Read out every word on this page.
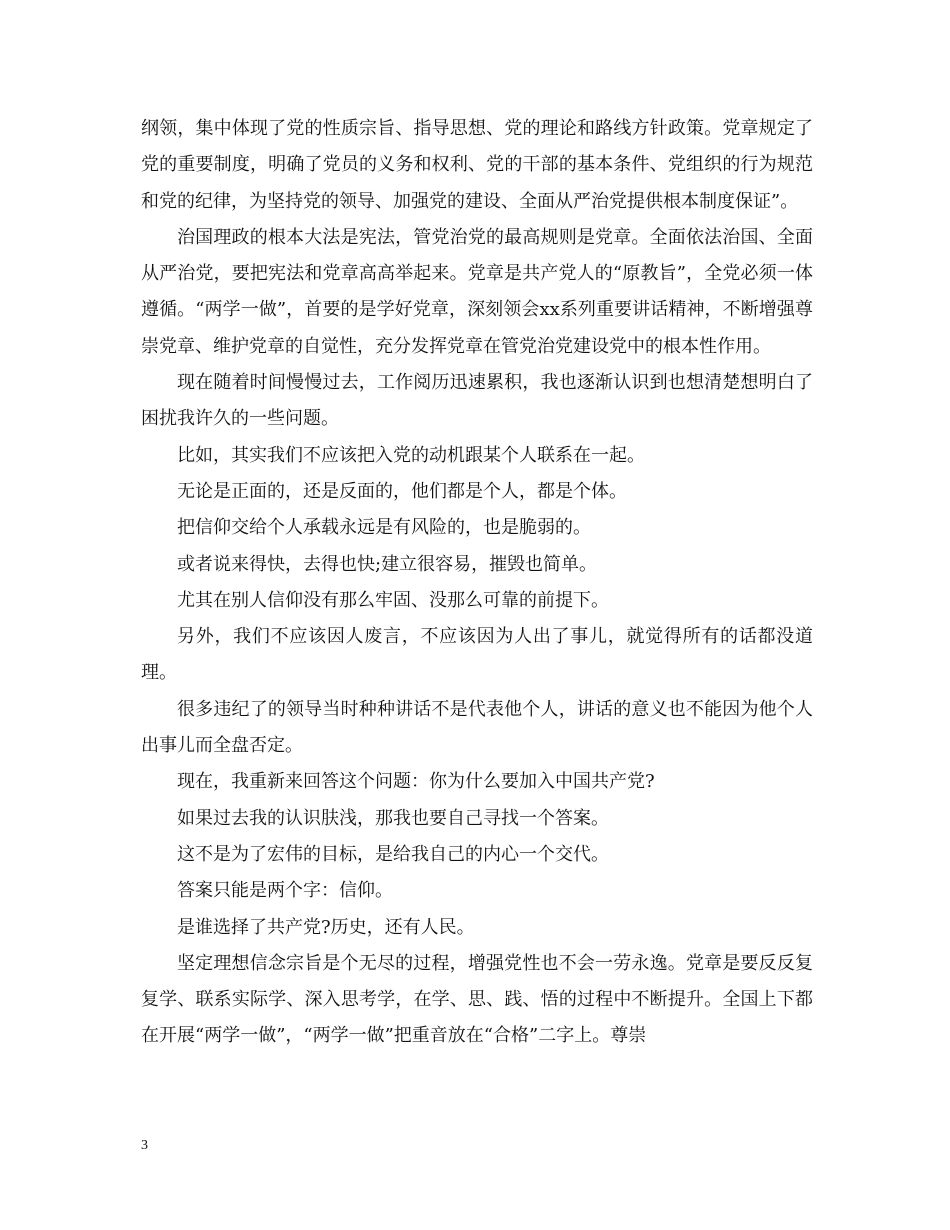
纲领，集中体现了党的性质宗旨、指导思想、党的理论和路线方针政策。党章规定了党的重要制度，明确了党员的义务和权利、党的干部的基本条件、党组织的行为规范和党的纪律，为坚持党的领导、加强党的建设、全面从严治党提供根本制度保证”。

治国理政的根本大法是宪法，管党治党的最高规则是党章。全面依法治国、全面从严治党，要把宪法和党章高高举起来。党章是共产党人的“原教旨”，全党必须一体遵循。“两学一做”，首要的是学好党章，深刻领会xx系列重要讲话精神，不断增强尊崇党章、维护党章的自觉性，充分发挥党章在管党治党建设党中的根本性作用。

现在随着时间慢慢过去，工作阅历迅速累积，我也逐渐认识到也想清楚想明白了困扰我许久的一些问题。

比如，其实我们不应该把入党的动机跟某个人联系在一起。

无论是正面的，还是反面的，他们都是个人，都是个体。

把信仰交给个人承载永远是有风险的，也是脆弱的。

或者说来得快，去得也快;建立很容易，摧毁也简单。

尤其在别人信仰没有那么牢固、没那么可靠的前提下。

另外，我们不应该因人废言，不应该因为人出了事儿，就觉得所有的话都没道理。

很多违纪了的领导当时种种讲话不是代表他个人，讲话的意义也不能因为他个人出事儿而全盘否定。

现在，我重新来回答这个问题：你为什么要加入中国共产党?

如果过去我的认识肤浅，那我也要自己寻找一个答案。

这不是为了宏伟的目标，是给我自己的内心一个交代。

答案只能是两个字：信仰。

是谁选择了共产党?历史，还有人民。

坚定理想信念宗旨是个无尽的过程，增强党性也不会一劳永逸。党章是要反反复复学、联系实际学、深入思考学，在学、思、践、悟的过程中不断提升。全国上下都在开展“两学一做”，“两学一做”把重音放在“合格”二字上。尊崇

3
